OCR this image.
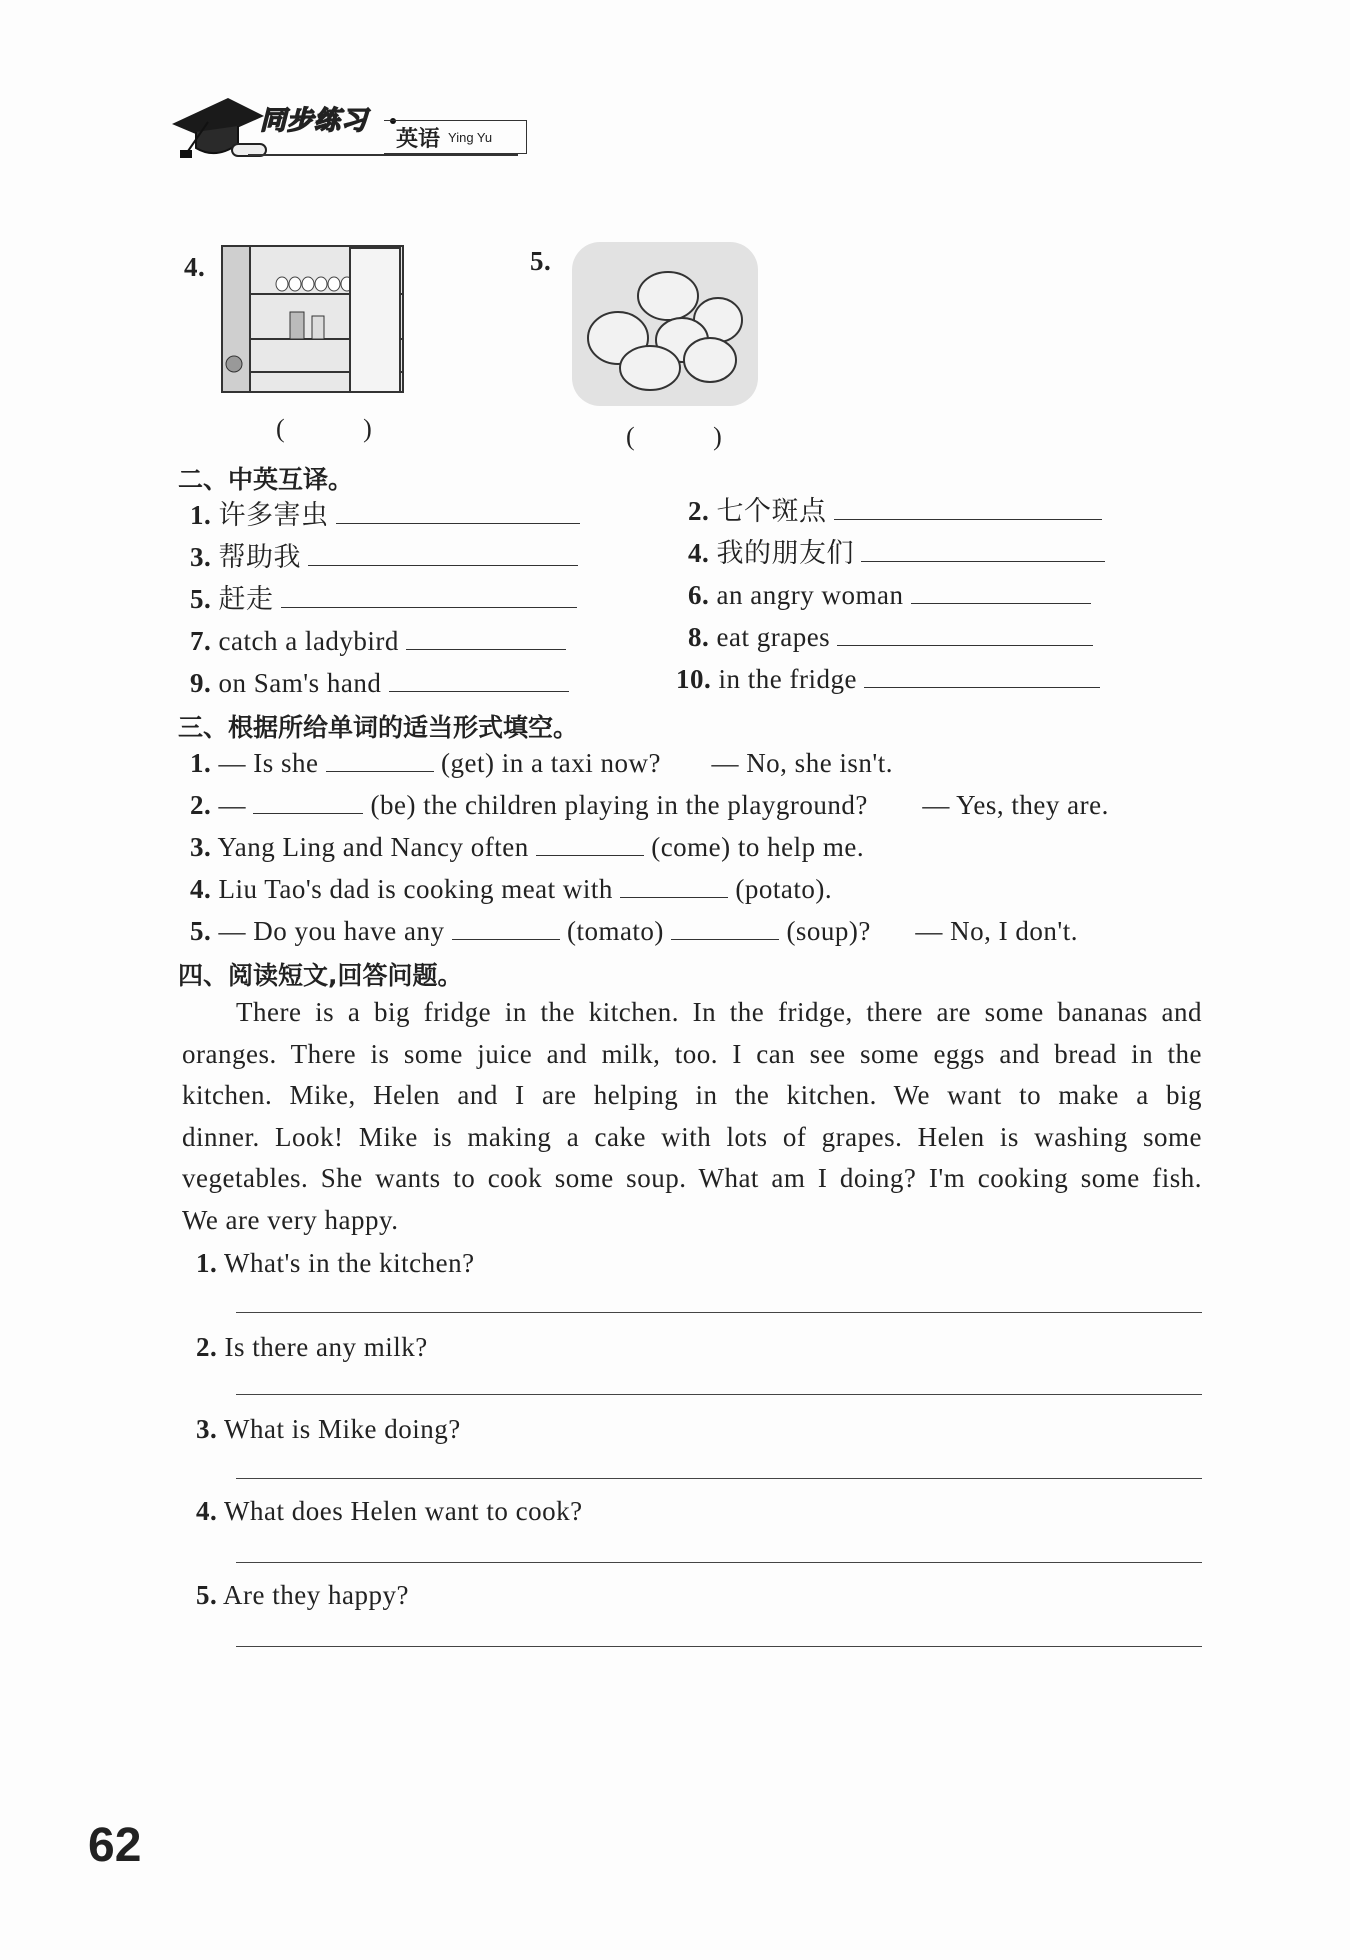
同步练习
英语 Ying Yu
4.
( )
5.
( )
二、中英互译。
1. 许多害虫	2. 七个斑点
3. 帮助我	4. 我的朋友们
5. 赶走	6. an angry woman
7. catch a ladybird	8. eat grapes
9. on Sam's hand	10. in the fridge
三、根据所给单词的适当形式填空。
1. — Is she	(get) in a taxi now? — No, she isn't.
2. —	(be) the children playing in the playground? — Yes, they are.
3. Yang Ling and Nancy often	(come) to help me.
4. Liu Tao's dad is cooking meat with	(potato).
5. — Do you have any	(tomato)	(soup)? — No, I don't.
四、阅读短文,回答问题。

There is a big fridge in the kitchen. In the fridge, there are some bananas and

oranges. There is some juice and milk, too. I can see some eggs and bread in the

kitchen. Mike, Helen and I are helping in the kitchen. We want to make a big

dinner. Look! Mike is making a cake with lots of grapes. Helen is washing some

vegetables. She wants to cook some soup. What am I doing? I'm cooking some fish.

We are very happy.

1. What's in the kitchen?
2. Is there any milk?
3. What is Mike doing?
4. What does Helen want to cook?
5. Are they happy?
62
